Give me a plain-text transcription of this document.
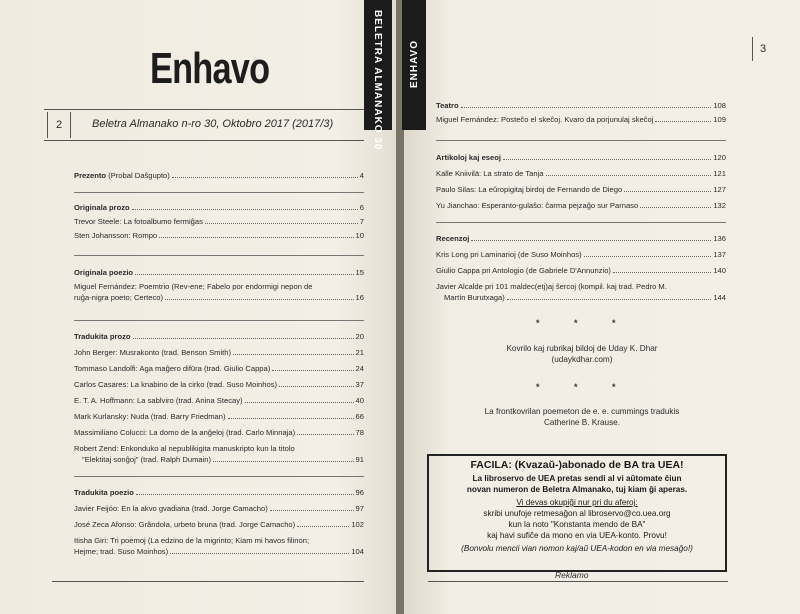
Enhavo	BELETRA ALMANAKO 30
2	Beletra Almanako n-ro 30, Oktobro 2017 (2017/3)
Prezento (Probal Daŝgupto)	4
Originala prozo	6
Trevor Steele: La fotoalbumo fermiĝas	7
Sten Johansson: Rompo	10
Originala poezio	15
Miguel Fernández: Poemtrio (Rev-ene; Fabelo por endormigi nepon de
ruĝa-nigra poeto; Certeco)	16
Tradukita prozo	20
John Berger: Musrakonto (trad. Benson Smith)	21
Tommaso Landolfi: Aga maĝero difūra (trad. Giulio Cappa)	24
Carlos Casares: La knabino de la cirko (trad. Suso Moinhos)	37
E. T. A. Hoffmann: La sablviro (trad. Anina Stecay)	40
Mark Kurlansky: Nuda (trad. Barry Friedman)	66
Massimiliano Colucci: La domo de la anĝeloj (trad. Carlo Minnaja)	78
Robert Zend: Enkonduko al nepublikigita manuskripto kun la titolo
"Elektitaj sonĝoj" (trad. Ralph Dumain)	91
Tradukita poezio	96
Javier Feijóo: En la akvo gvadiana (trad. Jorge Camacho)	97
José Zeca Afonso: Grândola, urbeto bruna (trad. Jorge Camacho)	102
Itisha Giri: Tri poemoj (La edzino de la migrinto; Kiam mi havos filinon;
Hejme; trad. Suso Moinhos)	104
ENHAVO	3
Teatro	108
Miguel Fernández: Posteĉo el skeĉoj. Kvaro da porjunulaj skeĉoj	109
Artikoloj kaj eseoj	120
Kalle Kniivilä: La strato de Tanja	121
Paulo Silas: La eŭropigitaj birdoj de Fernando de Diego	127
Yu Jianchao: Esperanto-gulaŝo: ĉarma pejzaĝo sur Parnaso	132
Recenzoj	136
Kris Long pri Laminarioj (de Suso Moinhos)	137
Giulio Cappa pri Antologio (de Gabriele D'Annunzio)	140
Javier Alcalde pri 101 maldec(etj)aj ŝercoj (kompil. kaj trad. Pedro M.
Martín Burutxaga)	144
* * *
Kovrilo kaj rubrikaj bildoj de Uday K. Dhar
(udaykdhar.com)
* * *
La frontkovrilan poemeton de e. e. cummings tradukis
Catherine B. Krause.
FACILA: (Kvazaŭ-)abonado de BA tra UEA!
La libroservo de UEA pretas sendi al vi aŭtomate ĉiun
novan numeron de Beletra Almanako, tuj kiam ĝi aperas.
Vi devas okupiĝi nur pri du aferoj:
skribi unufoje retmesaĝon al libroservo@co.uea.org
kun la noto "Konstanta mendo de BA"
kaj havi sufiĉe da mono en via UEA-konto. Provu!
(Bonvolu mencii vian nomon kaj/aŭ UEA-kodon en via mesaĝo!)
Reklamo
